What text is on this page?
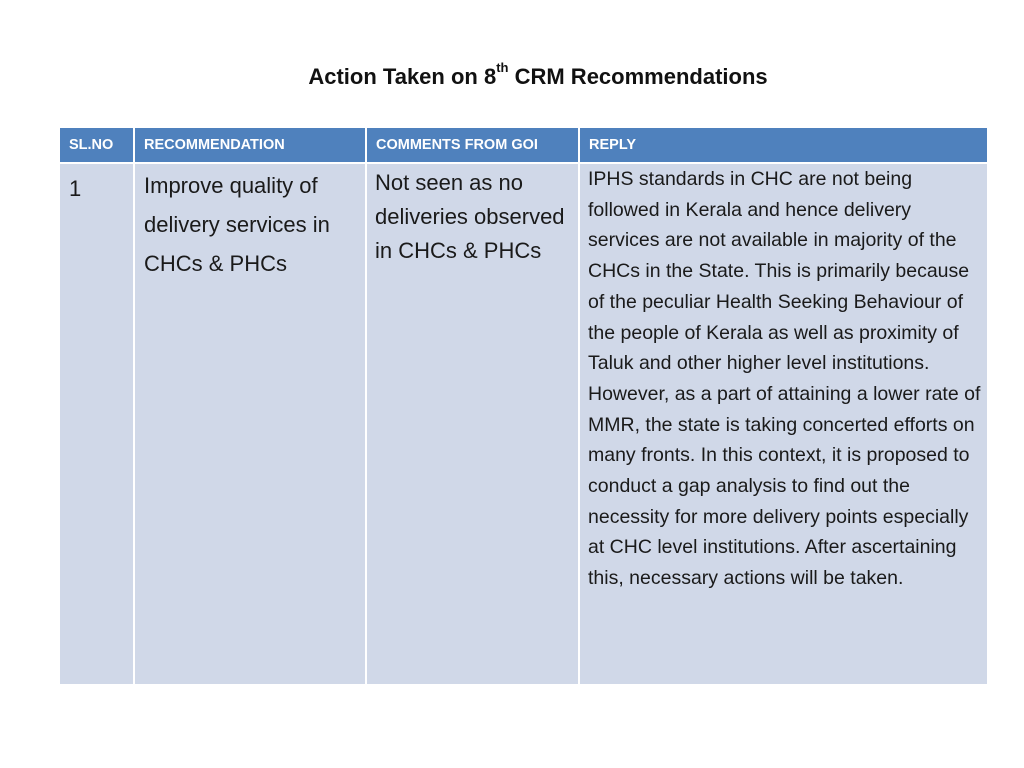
Action Taken on 8th CRM Recommendations
SL.NO	RECOMMENDATION	COMMENTS FROM GOI	REPLY

1	Improve quality of delivery services in CHCs & PHCs	Not seen as no deliveries observed in CHCs & PHCs	IPHS standards in CHC are not being followed in Kerala and hence delivery services are not available in majority of the CHCs in the State. This is primarily because of the peculiar Health Seeking Behaviour of the people of Kerala as well as proximity of Taluk and other higher level institutions. However, as a part of attaining a lower rate of MMR, the state is taking concerted efforts on many fronts. In this context, it is proposed to conduct a gap analysis to find out the necessity for more delivery points especially at CHC level institutions. After ascertaining this, necessary actions will be taken.
